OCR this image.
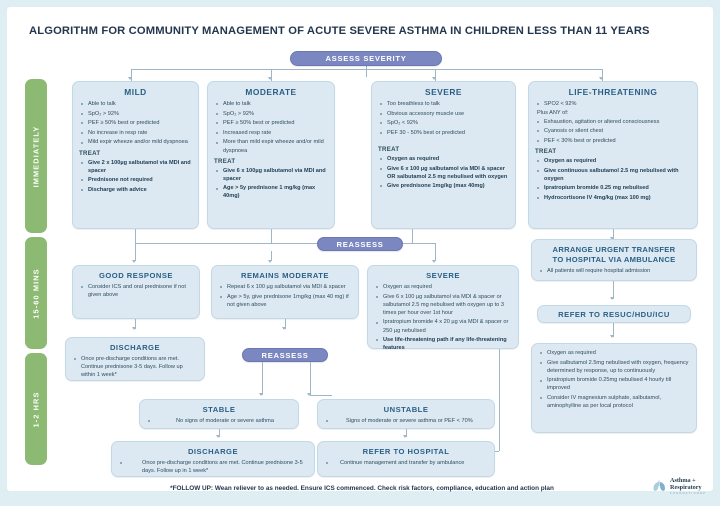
ALGORITHM FOR COMMUNITY MANAGEMENT OF ACUTE SEVERE ASTHMA IN CHILDREN LESS THAN 11 YEARS
IMMEDIATELY
15-60 MINS
1-2 HRS
ASSESS SEVERITY
MILD
Able to talk
SpO₂ > 92%
PEF ≥ 50% best or predicted
No increase in resp rate
Mild expir wheeze and/or mild dyspnoea
TREAT
Give 2 x 100µg salbutamol via MDI and spacer
Prednisone not required
Discharge with advice
MODERATE
Able to talk
SpO₂ > 92%
PEF ≥ 50% best or predicted
Increased resp rate
More than mild expir wheeze and/or mild dyspnoea
TREAT
Give 6 x 100µg salbutamol via MDI and spacer
Age > 5y prednisone 1 mg/kg (max 40mg)
SEVERE
Too breathless to talk
Obvious accessory muscle use
SpO₂ < 92%
PEF 30 - 50% best or predicted
TREAT
Oxygen as required
Give 6 x 100 µg salbutamol via MDI & spacer OR salbutamol 2.5 mg nebulised with oxygen
Give prednisone 1mg/kg (max 40mg)
LIFE-THREATENING
SPO2 < 92%
Plus ANY of:
Exhaustion, agitation or altered consciousness
Cyanosis or silent chest
PEF < 30% best or predicted
TREAT
Oxygen as required
Give continuous salbutamol 2.5 mg nebulised with oxygen
Ipratropium bromide 0.25 mg nebulised
Hydrocortisone IV 4mg/kg (max 100 mg)
REASSESS
GOOD RESPONSE
Consider ICS and oral prednisone if not given above
DISCHARGE
Once pre-discharge conditions are met. Continue prednisone 3-5 days. Follow up within 1 week*
REMAINS MODERATE
Repeat 6 x 100 µg salbutamol via MDI & spacer
Age > 5y, give prednisone 1mg/kg (max 40 mg) if not given above
REASSESS
SEVERE
Oxygen as required
Give 6 x 100 µg salbutamol via MDI & spacer or salbutamol 2.5 mg nebulised with oxygen up to 3 times per hour over 1st hour
Ipratropium bromide 4 x 20 µg via MDI & spacer or 250 µg nebulised
Use life-threatening path if any life-threatening features
ARRANGE URGENT TRANSFER
TO HOSPITAL VIA AMBULANCE
All patients will require hospital admission
REFER TO RESUC/HDU/ICU
Oxygen as required
Give salbutamol 2.5mg nebulised with oxygen, frequency determined by response, up to continuously
Ipratropium bromide 0.25mg nebulised 4 hourly till improved
Consider IV magnesium sulphate, salbutamol, aminophylline as per local protocol
STABLE
No signs of moderate or severe asthma
DISCHARGE
Once pre-discharge conditions are met. Continue prednisone 3-5 days. Follow up in 1 week*
UNSTABLE
Signs of moderate or severe asthma or PEF < 70%
REFER TO HOSPITAL
Continue management and transfer by ambulance
*FOLLOW UP: Wean reliever to as needed. Ensure ICS commenced. Check risk factors, compliance, education and action plan
Asthma +
Respiratory
F O U N D A T I O N N Z
